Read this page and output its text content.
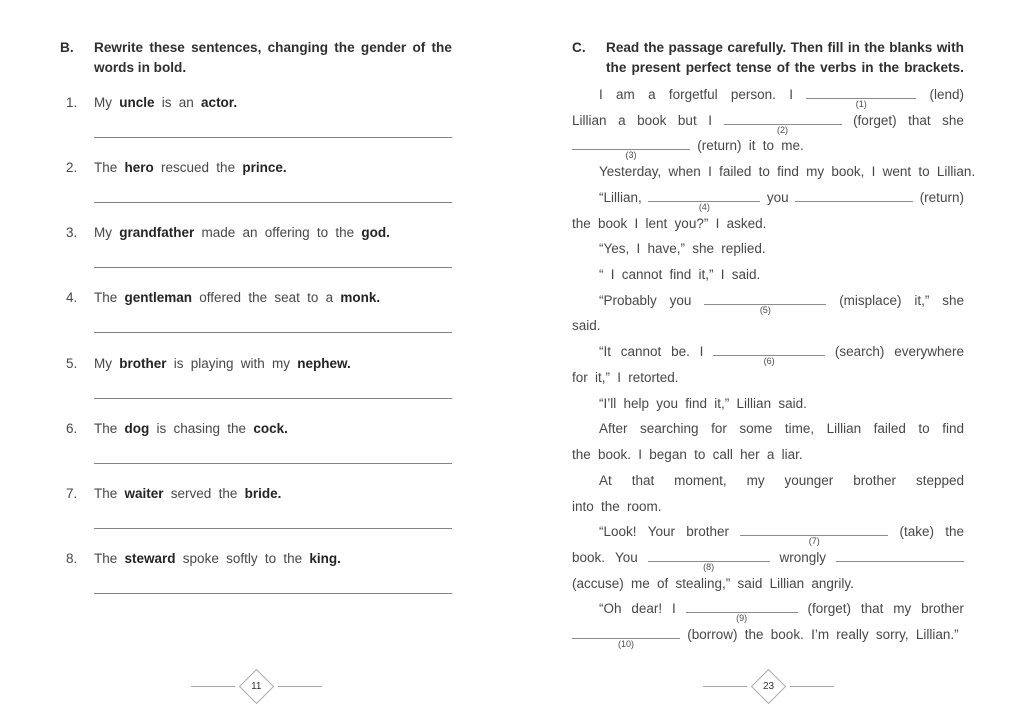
B.	Rewrite these sentences, changing the gender of the
words in bold.
1. My uncle is an actor.
2. The hero rescued the prince.
3. My grandfather made an offering to the god.
4. The gentleman offered the seat to a monk.
5. My brother is playing with my nephew.
6. The dog is chasing the cock.
7. The waiter served the bride.
8. The steward spoke softly to the king.
11
C.	Read the passage carefully. Then fill in the blanks with
the present perfect tense of the verbs in the brackets.
I am a forgetful person. I
(1)
(lend)
Lillian a book but I
(2)
(forget) that she
(3)
(return) it to me.
Yesterday, when I failed to find my book, I went to Lillian.
“Lillian,
(4)
you	(return)
the book I lent you?” I asked.
“Yes, I have,” she replied.
“ I cannot find it,” I said.
“Probably you
(5)
(misplace) it,” she
said.
“It cannot be. I
(6)
(search) everywhere
for it,” I retorted.
“I’ll help you find it,” Lillian said.
After searching for some time, Lillian failed to find
the book. I began to call her a liar.
At that moment, my younger brother stepped
into the room.
“Look! Your brother
(7)
(take) the
book. You
(8)
wrongly
(accuse) me of stealing,” said Lillian angrily.
“Oh dear! I
(9)
(forget) that my brother
(10)
(borrow) the book. I’m really sorry, Lillian.”
23
